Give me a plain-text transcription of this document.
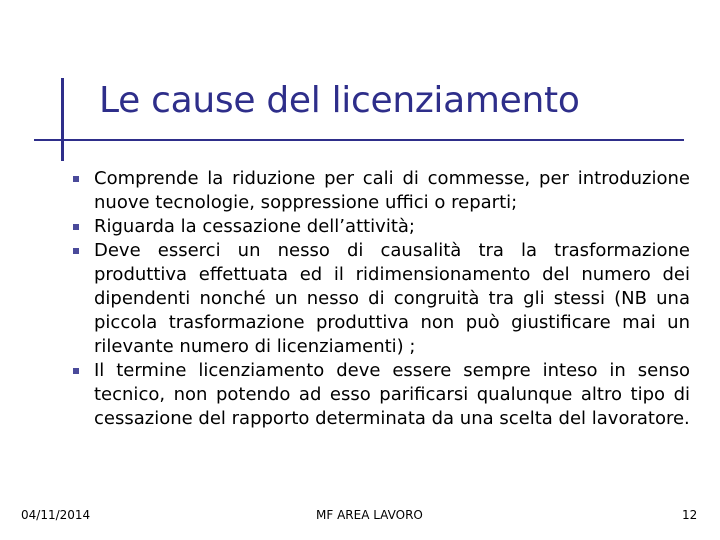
Le cause del licenziamento
Comprende la riduzione per cali di commesse, per introduzione nuove tecnologie, soppressione uffici o reparti;
Riguarda la cessazione dell’attività;
Deve esserci un nesso di causalità tra la trasformazione produttiva effettuata ed il ridimensionamento del numero dei dipendenti nonché un nesso di congruità tra gli stessi (NB una piccola trasformazione produttiva non può giustificare mai un rilevante numero di licenziamenti) ;
Il termine licenziamento deve essere sempre inteso in senso tecnico, non potendo ad esso parificarsi qualunque altro tipo di cessazione del rapporto determinata da una scelta del lavoratore.
04/11/2014	MF AREA LAVORO	12
